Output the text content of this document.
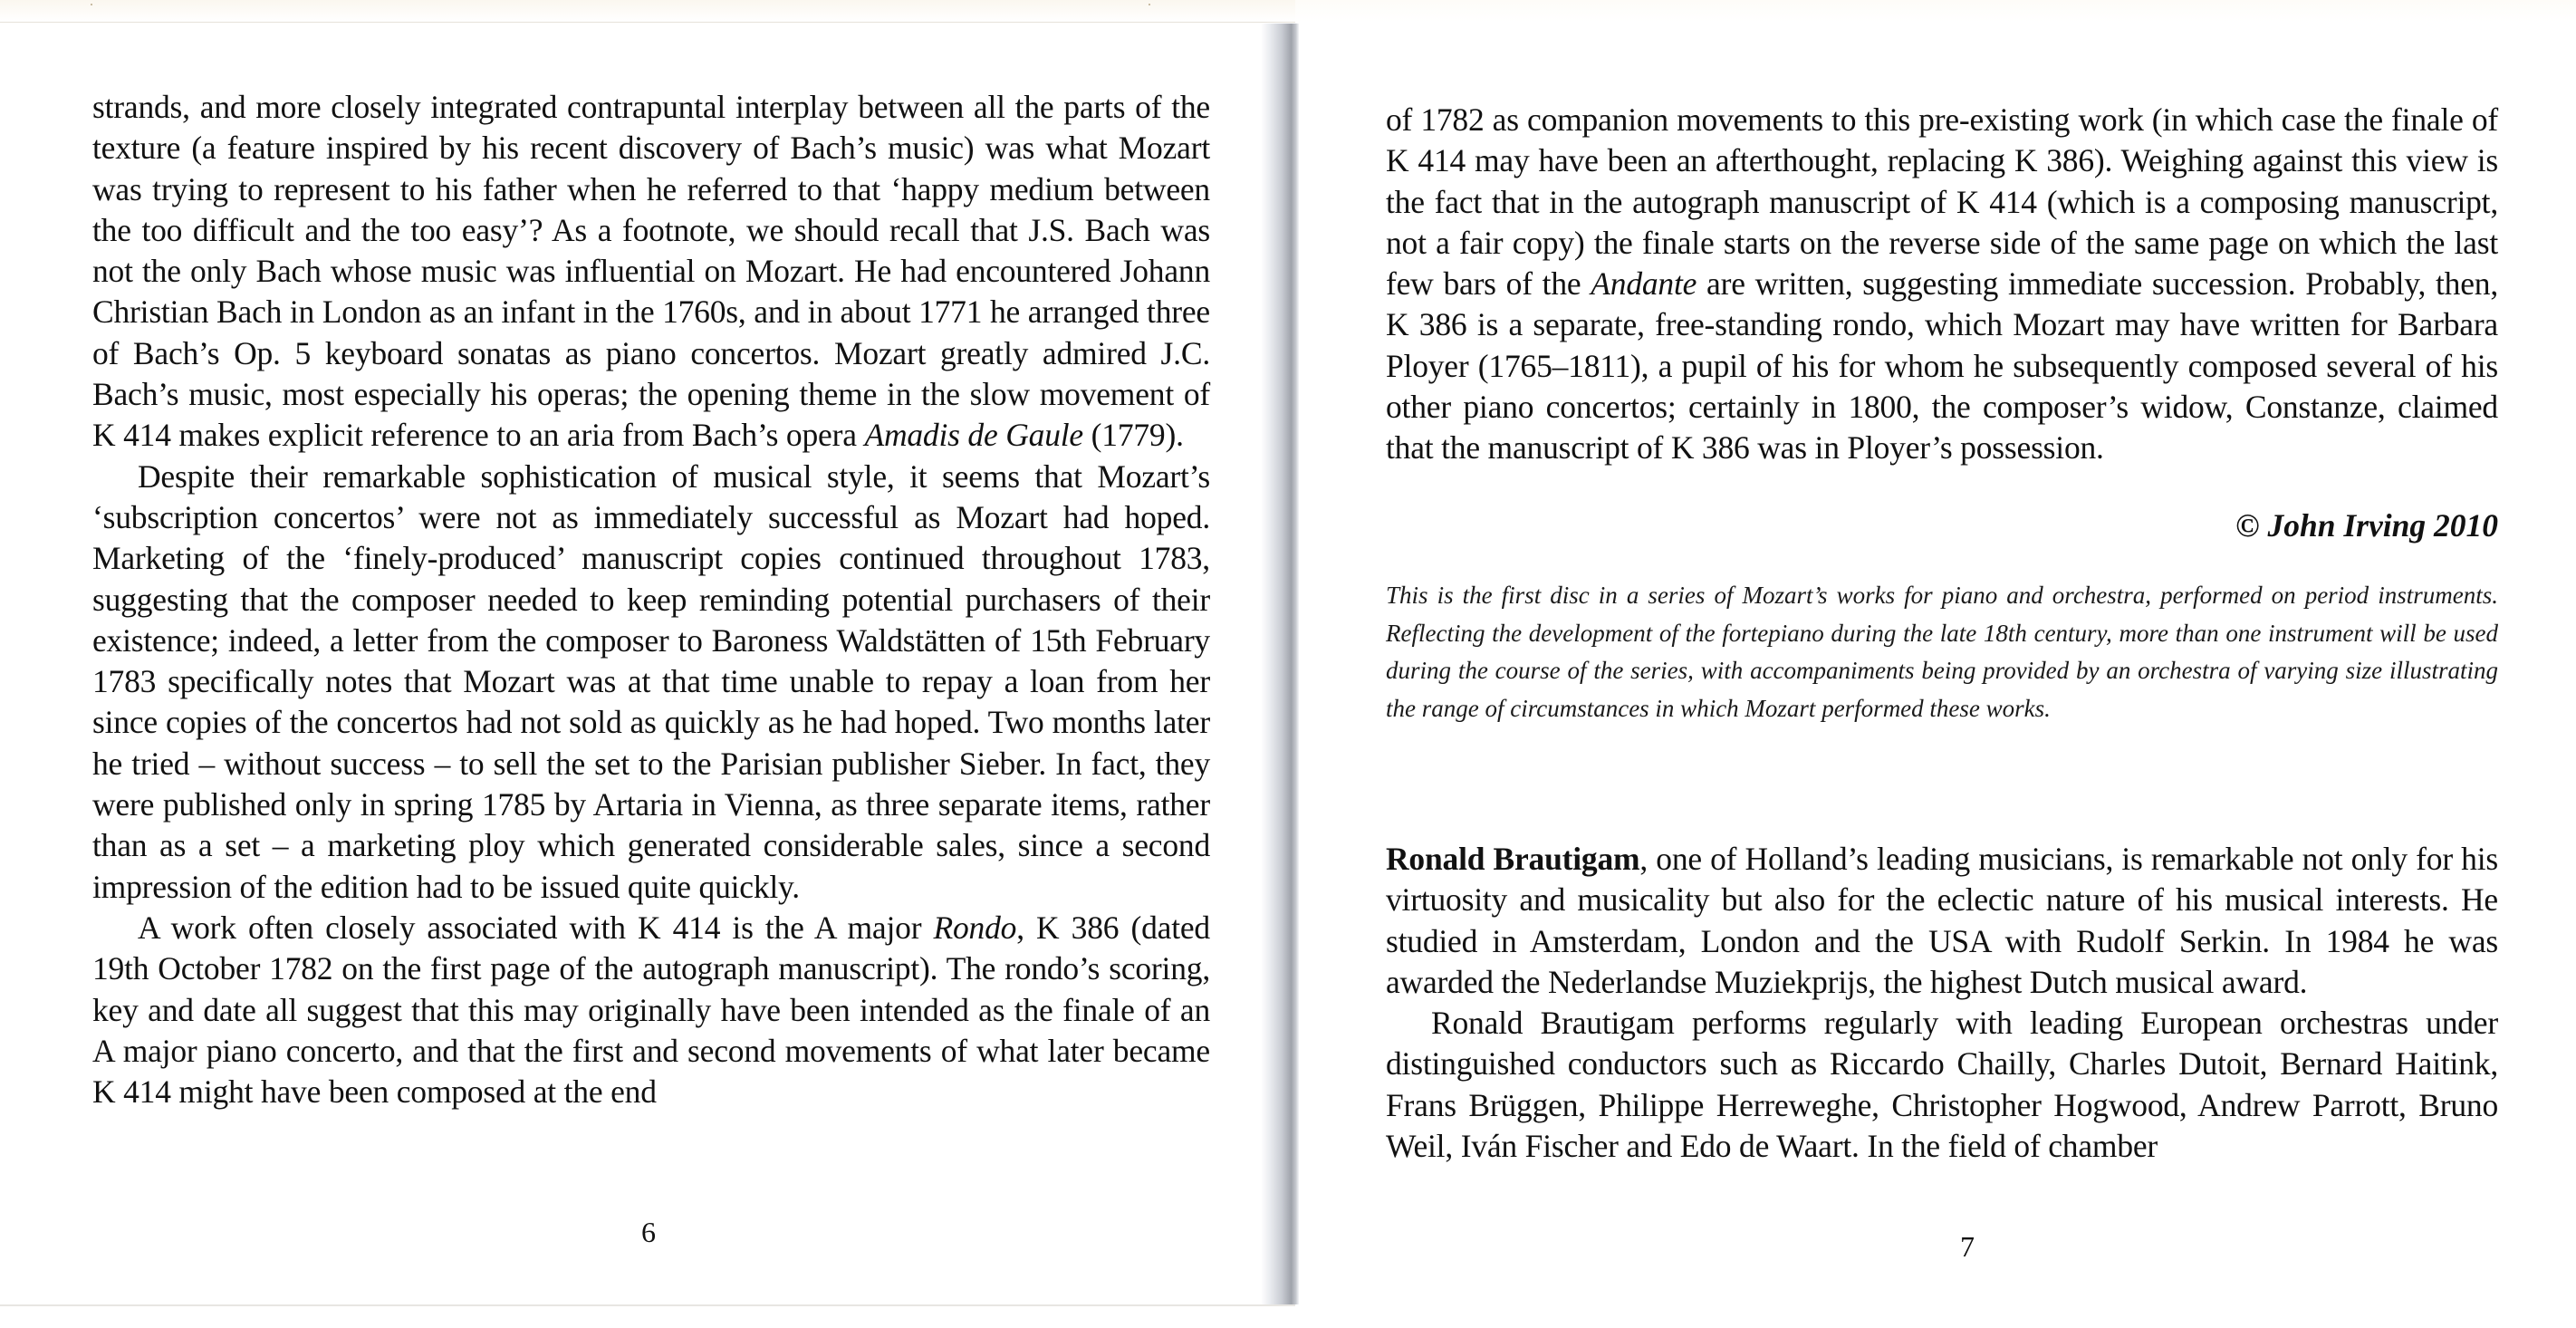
strands, and more closely integrated contrapuntal interplay between all the parts of the texture (a feature inspired by his recent discovery of Bach’s music) was what Mozart was trying to represent to his father when he referred to that ‘happy medium between the too difficult and the too easy’? As a footnote, we should recall that J.S. Bach was not the only Bach whose music was influential on Mozart. He had encountered Johann Christian Bach in London as an infant in the 1760s, and in about 1771 he arranged three of Bach’s Op. 5 keyboard sonatas as piano concertos. Mozart greatly admired J.C. Bach’s music, most especially his operas; the opening theme in the slow movement of K 414 makes explicit reference to an aria from Bach’s opera Amadis de Gaule (1779).

Despite their remarkable sophistication of musical style, it seems that Mozart’s ‘subscription concertos’ were not as immediately successful as Mozart had hoped. Marketing of the ‘finely-produced’ manuscript copies continued throughout 1783, suggesting that the composer needed to keep reminding potential purchasers of their existence; indeed, a letter from the composer to Baroness Waldstätten of 15th February 1783 specifically notes that Mozart was at that time unable to repay a loan from her since copies of the concertos had not sold as quickly as he had hoped. Two months later he tried – without success – to sell the set to the Parisian publisher Sieber. In fact, they were published only in spring 1785 by Artaria in Vienna, as three separate items, rather than as a set – a marketing ploy which generated considerable sales, since a second impression of the edition had to be issued quite quickly.

A work often closely associated with K 414 is the A major Rondo, K 386 (dated 19th October 1782 on the first page of the autograph manuscript). The rondo’s scoring, key and date all suggest that this may originally have been intended as the finale of an A major piano concerto, and that the first and second movements of what later became K 414 might have been composed at the end

6

of 1782 as companion movements to this pre-existing work (in which case the finale of K 414 may have been an afterthought, replacing K 386). Weighing against this view is the fact that in the autograph manuscript of K 414 (which is a composing manuscript, not a fair copy) the finale starts on the reverse side of the same page on which the last few bars of the Andante are written, suggesting immediate succession. Probably, then, K 386 is a separate, free-standing rondo, which Mozart may have written for Barbara Ployer (1765–1811), a pupil of his for whom he subsequently composed several of his other piano concertos; certainly in 1800, the composer’s widow, Constanze, claimed that the manuscript of K 386 was in Ployer’s possession.

© John Irving 2010

This is the first disc in a series of Mozart’s works for piano and orchestra, performed on period instruments. Reflecting the development of the fortepiano during the late 18th century, more than one instrument will be used during the course of the series, with accompaniments being provided by an orchestra of varying size illustrating the range of circumstances in which Mozart performed these works.

Ronald Brautigam, one of Holland’s leading musicians, is remarkable not only for his virtuosity and musicality but also for the eclectic nature of his musical interests. He studied in Amsterdam, London and the USA with Rudolf Serkin. In 1984 he was awarded the Nederlandse Muziekprijs, the highest Dutch musical award.

Ronald Brautigam performs regularly with leading European orchestras under distinguished conductors such as Riccardo Chailly, Charles Dutoit, Bernard Haitink, Frans Brüggen, Philippe Herreweghe, Christopher Hogwood, Andrew Parrott, Bruno Weil, Iván Fischer and Edo de Waart. In the field of chamber

7
